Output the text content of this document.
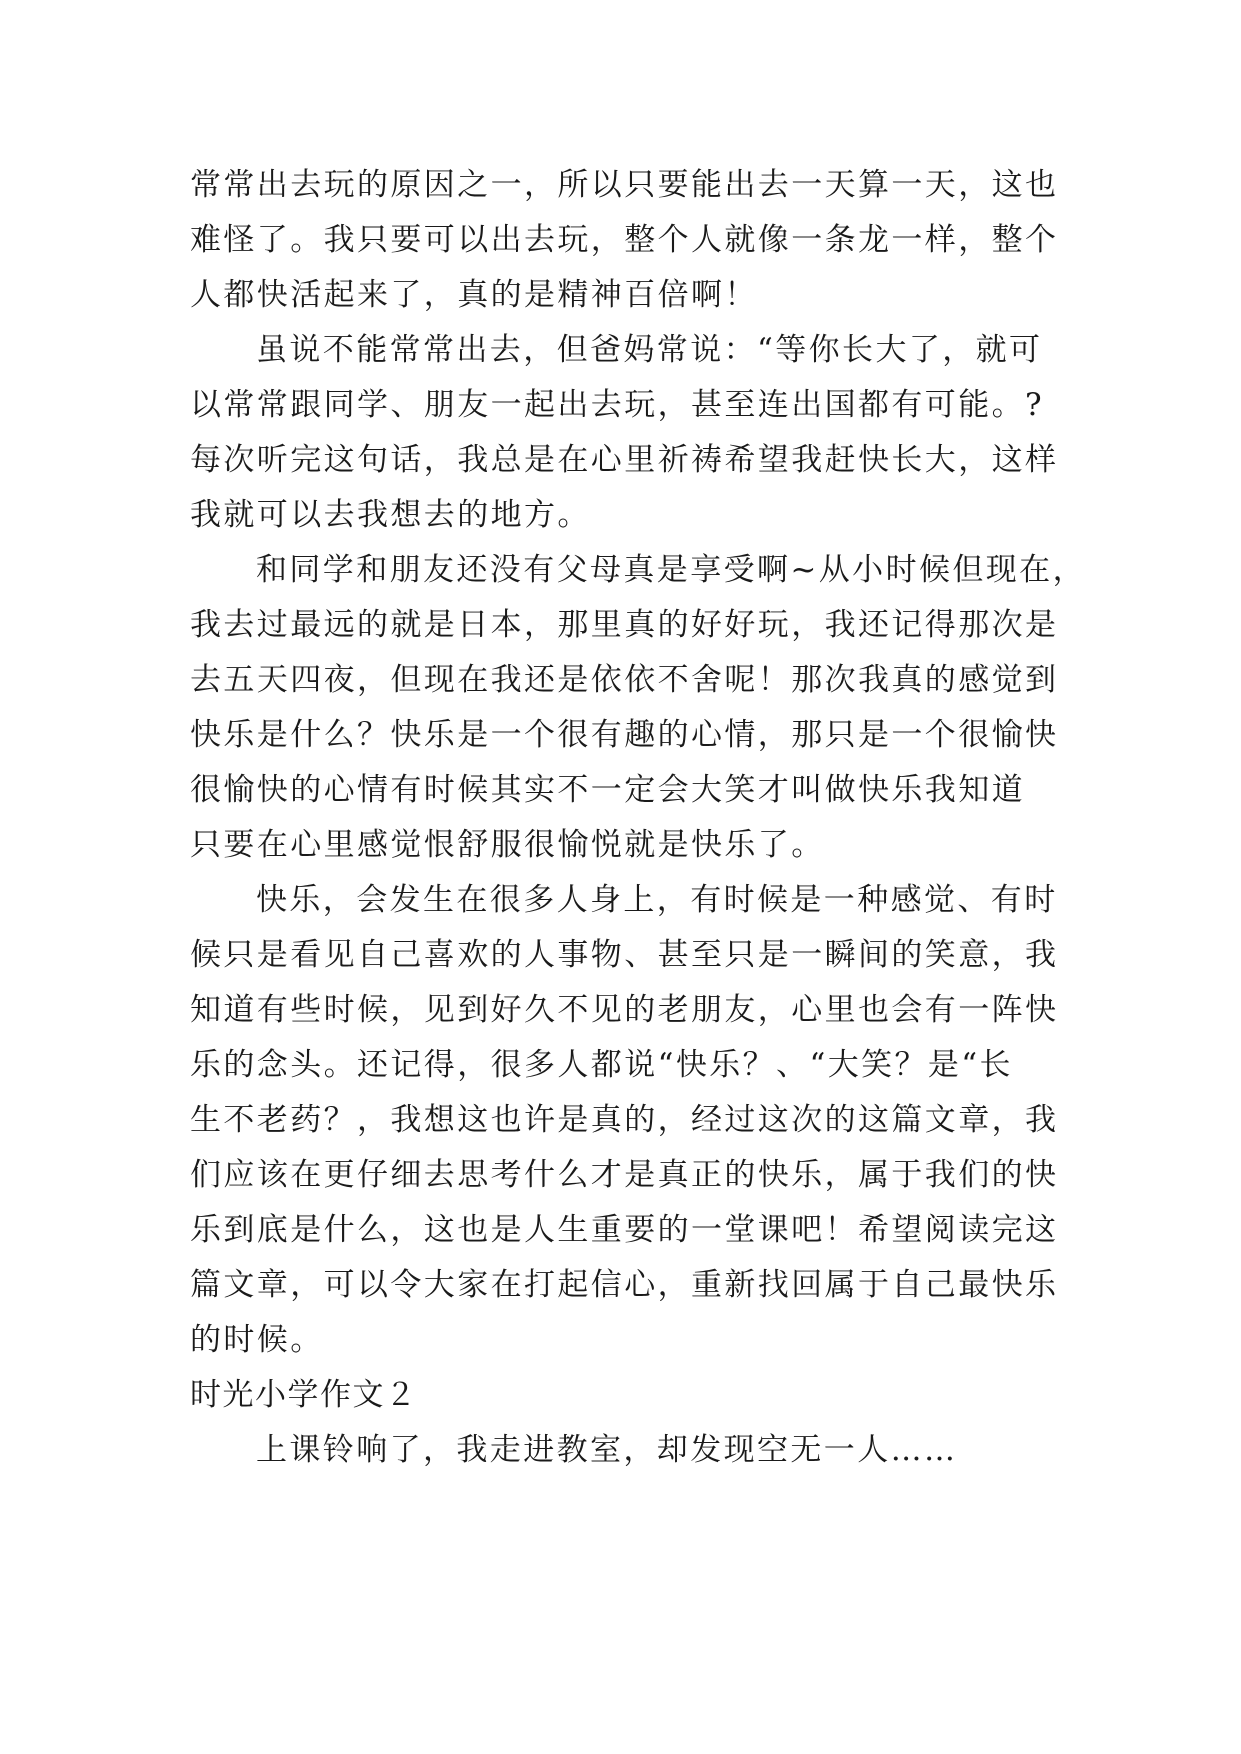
常常出去玩的原因之一，所以只要能出去一天算一天，这也
难怪了。我只要可以出去玩，整个人就像一条龙一样，整个
人都快活起来了，真的是精神百倍啊！
虽说不能常常出去，但爸妈常说：“等你长大了，就可
以常常跟同学、朋友一起出去玩，甚至连出国都有可能。?
每次听完这句话，我总是在心里祈祷希望我赶快长大，这样
我就可以去我想去的地方。
和同学和朋友还没有父母真是享受啊~从小时候但现在，
我去过最远的就是日本，那里真的好好玩，我还记得那次是
去五天四夜，但现在我还是依依不舍呢！那次我真的感觉到
快乐是什么？快乐是一个很有趣的心情，那只是一个很愉快
很愉快的心情有时候其实不一定会大笑才叫做快乐我知道
只要在心里感觉恨舒服很愉悦就是快乐了。
快乐，会发生在很多人身上，有时候是一种感觉、有时
候只是看见自己喜欢的人事物、甚至只是一瞬间的笑意，我
知道有些时候，见到好久不见的老朋友，心里也会有一阵快
乐的念头。还记得，很多人都说“快乐？、“大笑？是“长
生不老药？，我想这也许是真的，经过这次的这篇文章，我
们应该在更仔细去思考什么才是真正的快乐，属于我们的快
乐到底是什么，这也是人生重要的一堂课吧！希望阅读完这
篇文章，可以令大家在打起信心，重新找回属于自己最快乐
的时候。
时光小学作文２
上课铃响了，我走进教室，却发现空无一人……
